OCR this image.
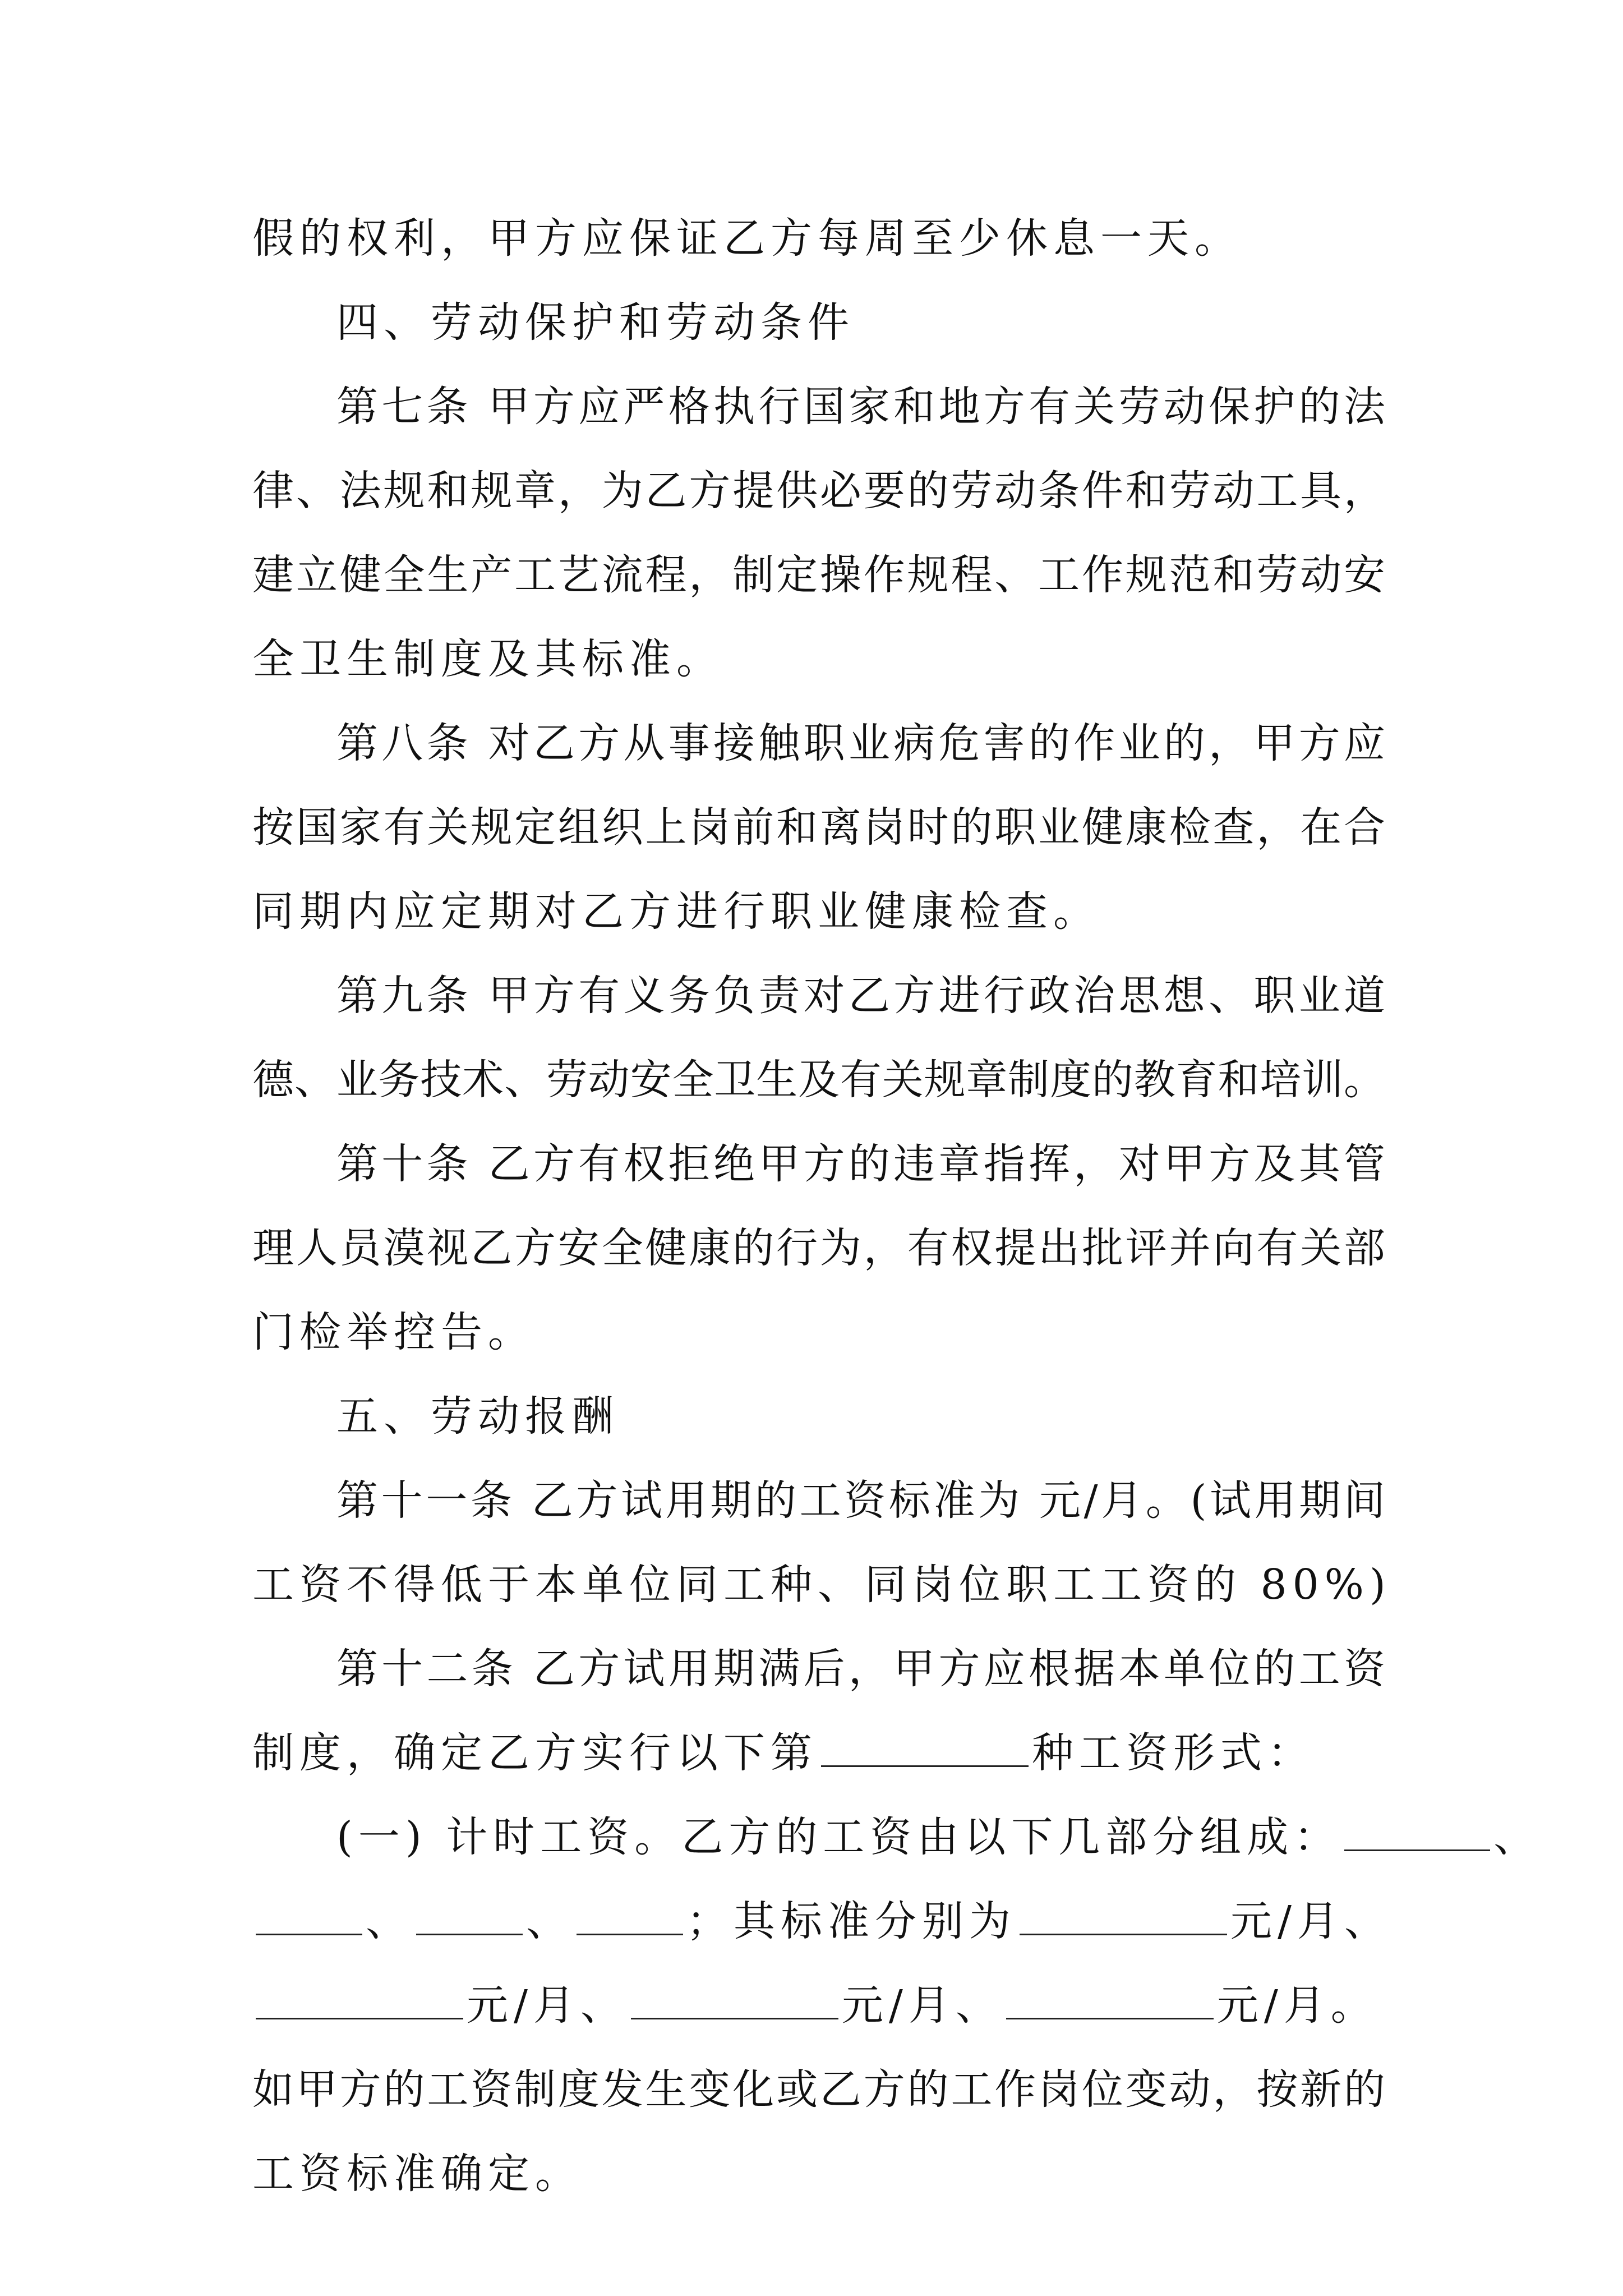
假的权利，甲方应保证乙方每周至少休息一天。
四、劳动保护和劳动条件
第七条 甲方应严格执行国家和地方有关劳动保护的法
律、法规和规章，为乙方提供必要的劳动条件和劳动工具，
建立健全生产工艺流程，制定操作规程、工作规范和劳动安
全卫生制度及其标准。
第八条 对乙方从事接触职业病危害的作业的，甲方应
按国家有关规定组织上岗前和离岗时的职业健康检查，在合
同期内应定期对乙方进行职业健康检查。
第九条 甲方有义务负责对乙方进行政治思想、职业道
德、业务技术、劳动安全卫生及有关规章制度的教育和培训。
第十条 乙方有权拒绝甲方的违章指挥，对甲方及其管
理人员漠视乙方安全健康的行为，有权提出批评并向有关部
门检举控告。
五、劳动报酬
第十一条 乙方试用期的工资标准为 元/月。(试用期间
工资不得低于本单位同工种、同岗位职工工资的 80%)
第十二条 乙方试用期满后，甲方应根据本单位的工资
制度，确定乙方实行以下第	种工资形式：
(一) 计时工资。乙方的工资由以下几部分组成：	、
、	、	；其标准分别为	元/月、
元/月、	元/月、	元/月。
如甲方的工资制度发生变化或乙方的工作岗位变动，按新的
工资标准确定。
